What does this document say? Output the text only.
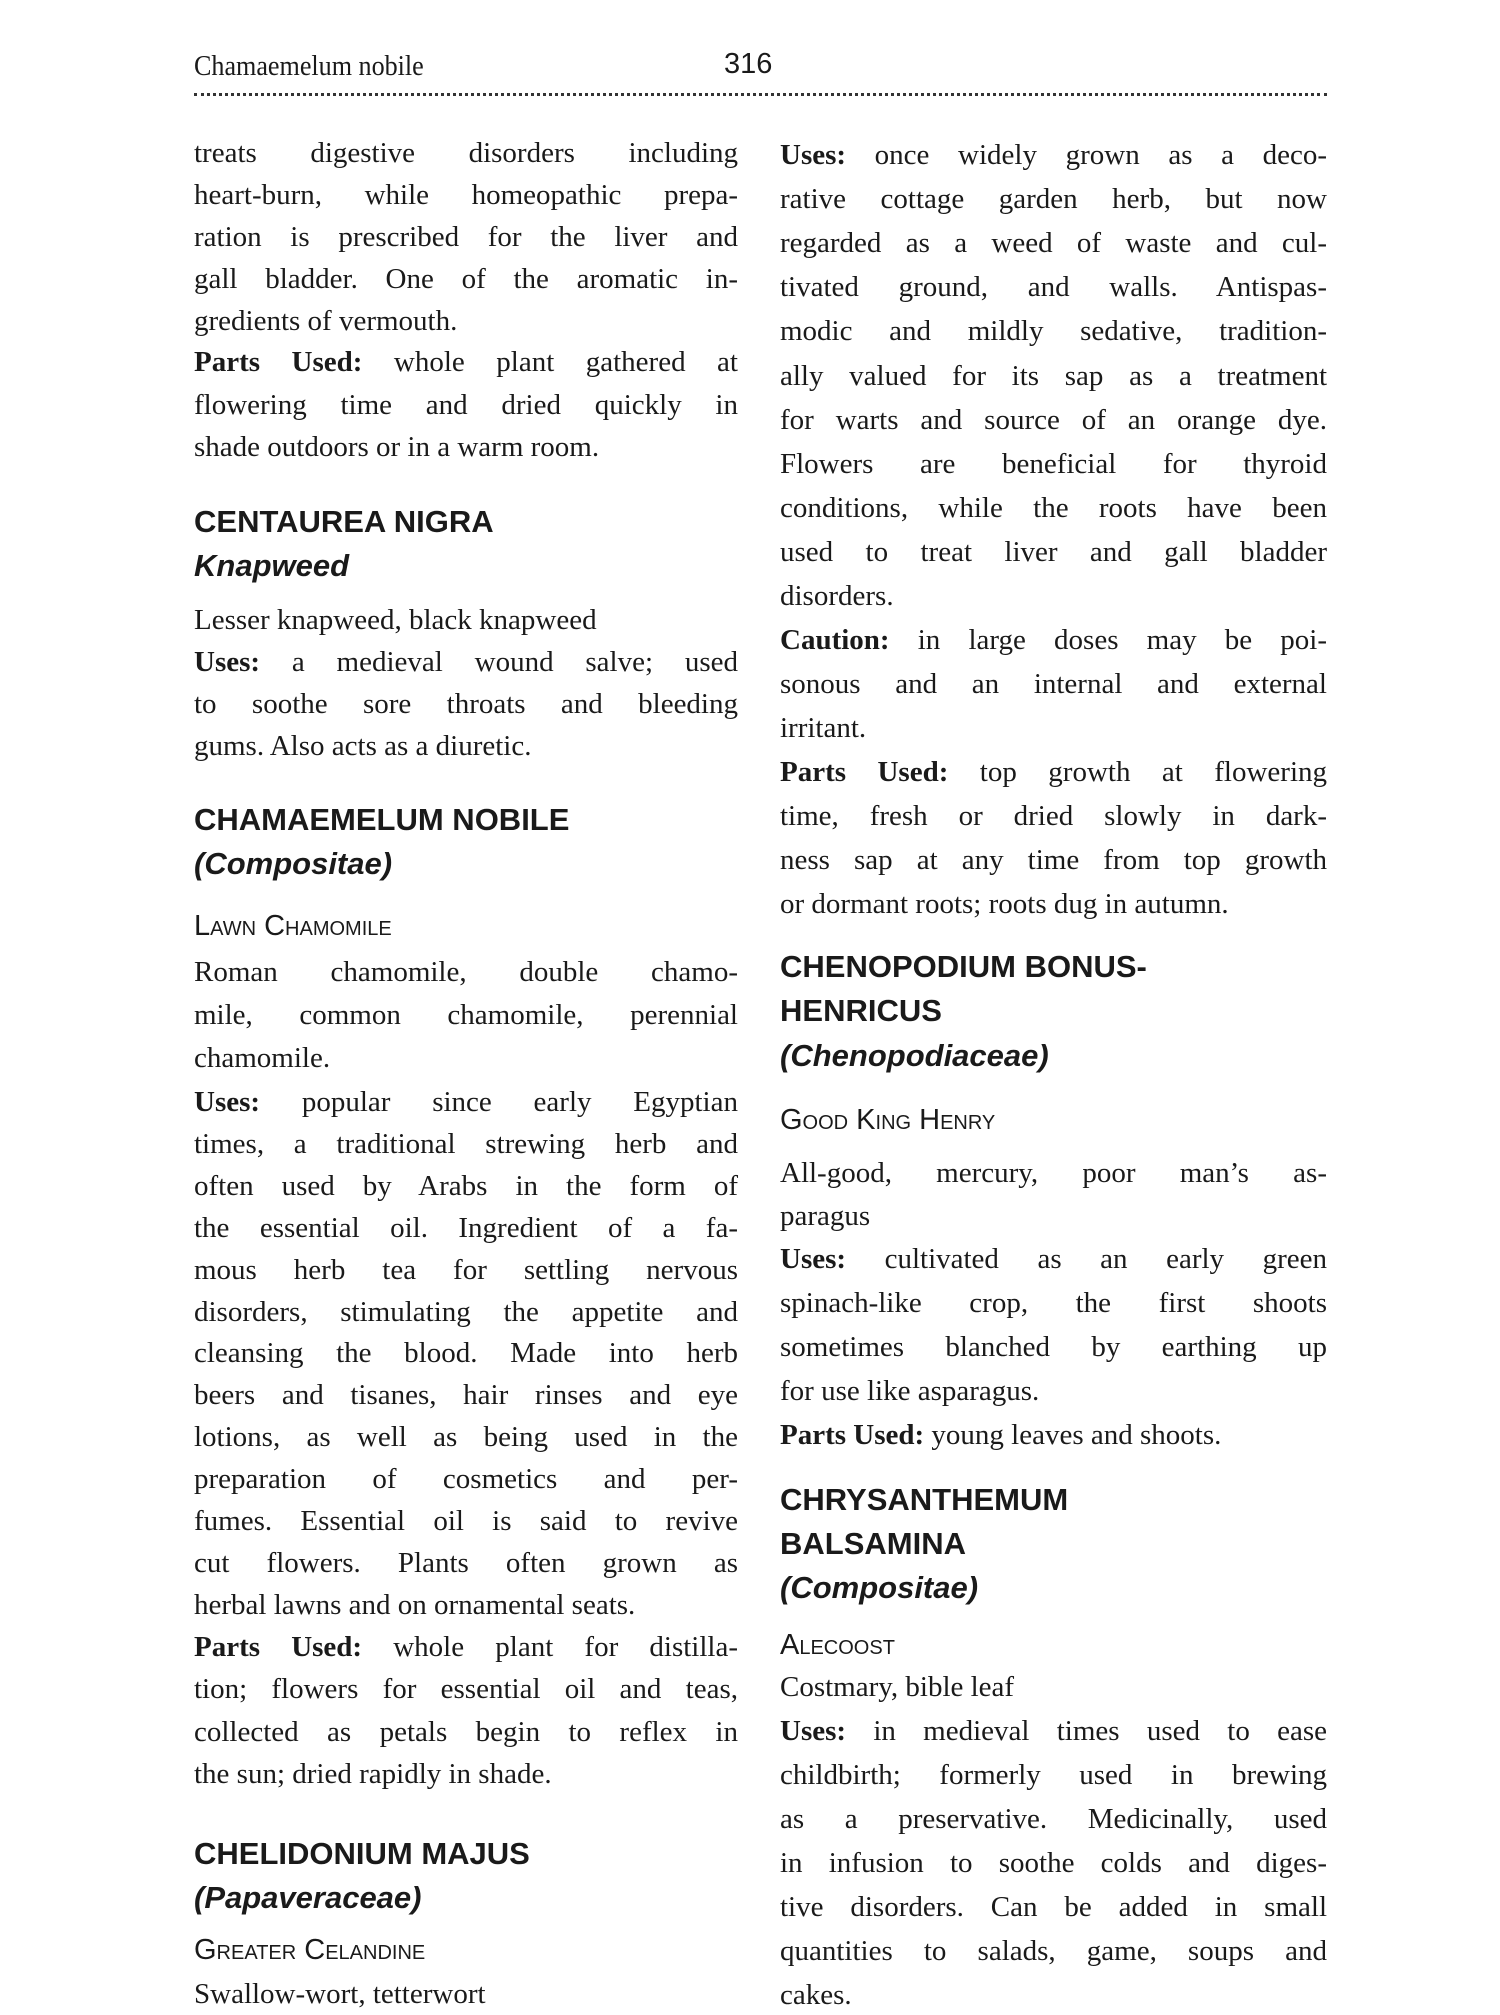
Chamaemelum nobile	316
treats digestive disorders including
heart-burn, while homeopathic prepa-
ration is prescribed for the liver and
gall bladder. One of the aromatic in-
gredients of vermouth.
Parts Used: whole plant gathered at
flowering time and dried quickly in
shade outdoors or in a warm room.
CENTAUREA NIGRA
Knapweed
Lesser knapweed, black knapweed
Uses: a medieval wound salve; used
to soothe sore throats and bleeding
gums. Also acts as a diuretic.
CHAMAEMELUM NOBILE
(Compositae)
Lawn Chamomile
Roman chamomile, double chamo-
mile, common chamomile, perennial
chamomile.
Uses: popular since early Egyptian
times, a traditional strewing herb and
often used by Arabs in the form of
the essential oil. Ingredient of a fa-
mous herb tea for settling nervous
disorders, stimulating the appetite and
cleansing the blood. Made into herb
beers and tisanes, hair rinses and eye
lotions, as well as being used in the
preparation of cosmetics and per-
fumes. Essential oil is said to revive
cut flowers. Plants often grown as
herbal lawns and on ornamental seats.
Parts Used: whole plant for distilla-
tion; flowers for essential oil and teas,
collected as petals begin to reflex in
the sun; dried rapidly in shade.
CHELIDONIUM MAJUS
(Papaveraceae)
Greater Celandine
Swallow-wort, tetterwort
Uses: once widely grown as a deco-
rative cottage garden herb, but now
regarded as a weed of waste and cul-
tivated ground, and walls. Antispas-
modic and mildly sedative, tradition-
ally valued for its sap as a treatment
for warts and source of an orange dye.
Flowers are beneficial for thyroid
conditions, while the roots have been
used to treat liver and gall bladder
disorders.
Caution: in large doses may be poi-
sonous and an internal and external
irritant.
Parts Used: top growth at flowering
time, fresh or dried slowly in dark-
ness sap at any time from top growth
or dormant roots; roots dug in autumn.
CHENOPODIUM BONUS-
HENRICUS
(Chenopodiaceae)
Good King Henry
All-good, mercury, poor man’s as-
paragus
Uses: cultivated as an early green
spinach-like crop, the first shoots
sometimes blanched by earthing up
for use like asparagus.
Parts Used: young leaves and shoots.
CHRYSANTHEMUM
BALSAMINA
(Compositae)
Alecoost
Costmary, bible leaf
Uses: in medieval times used to ease
childbirth; formerly used in brewing
as a preservative. Medicinally, used
in infusion to soothe colds and diges-
tive disorders. Can be added in small
quantities to salads, game, soups and
cakes.
